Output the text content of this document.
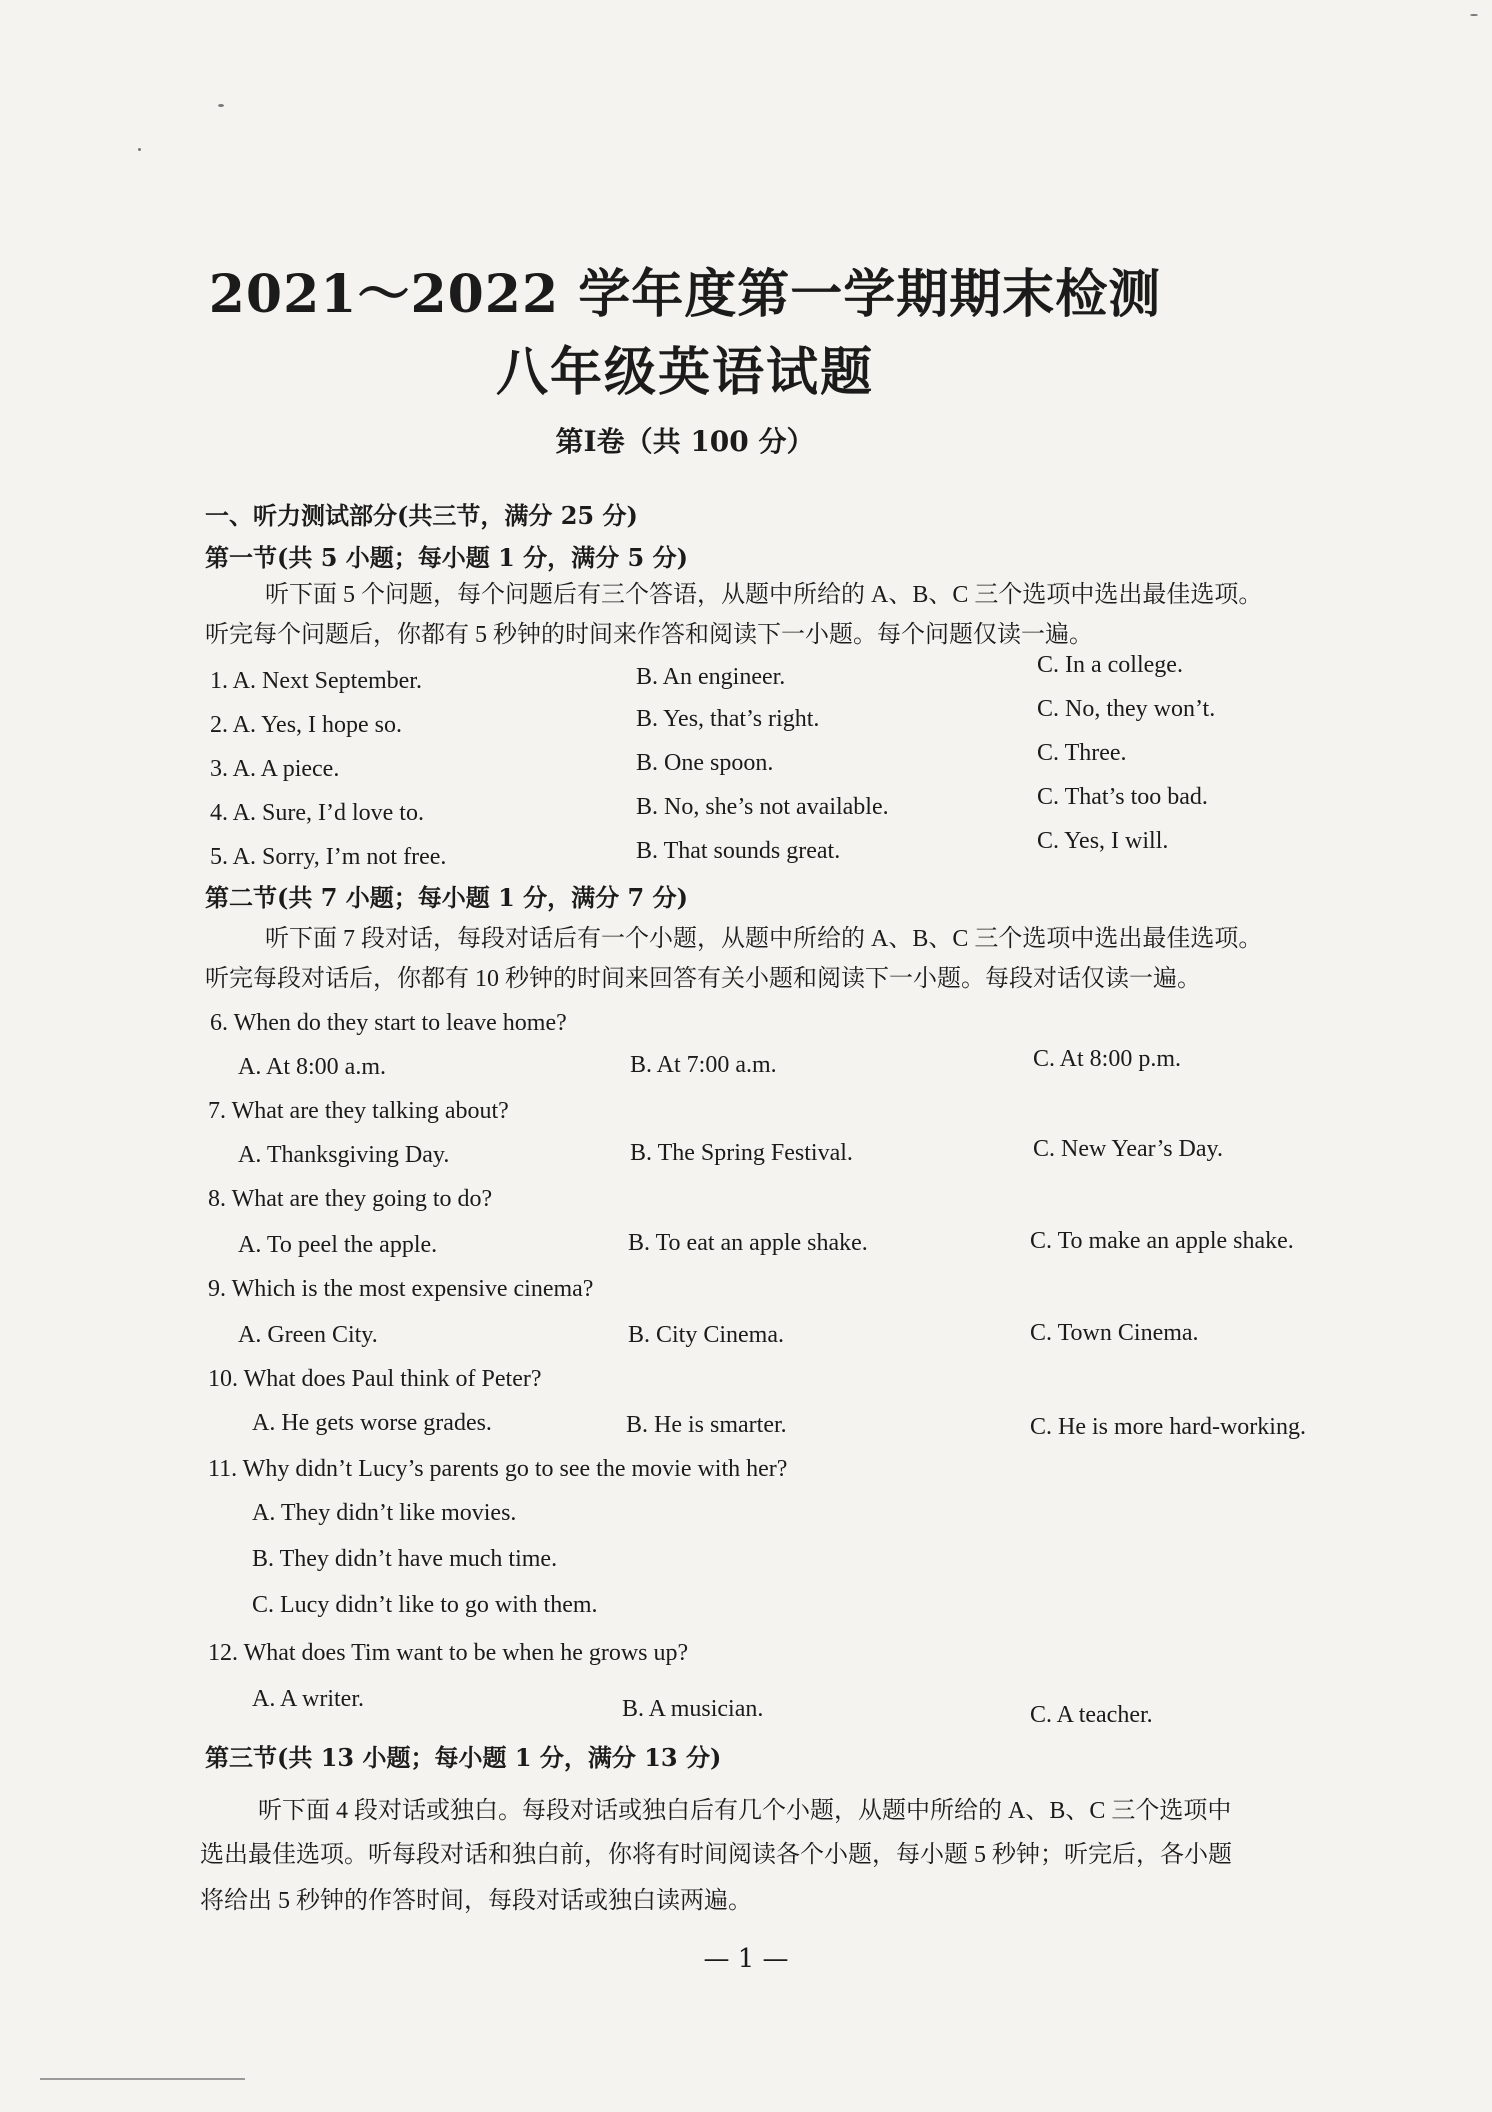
2021～2022 学年度第一学期期末检测
八年级英语试题
第Ⅰ卷（共 100 分）
一、听力测试部分(共三节，满分 25 分)
第一节(共 5 小题；每小题 1 分，满分 5 分)
听下面 5 个问题，每个问题后有三个答语，从题中所给的 A、B、C 三个选项中选出最佳选项。
听完每个问题后，你都有 5 秒钟的时间来作答和阅读下一小题。每个问题仅读一遍。
1. A. Next September.	B. An engineer.	C. In a college.
2. A. Yes, I hope so.	B. Yes, that’s right.	C. No, they won’t.
3. A. A piece.	B. One spoon.	C. Three.
4. A. Sure, I’d love to.	B. No, she’s not available.	C. That’s too bad.
5. A. Sorry, I’m not free.	B. That sounds great.	C. Yes, I will.
第二节(共 7 小题；每小题 1 分，满分 7 分)
听下面 7 段对话，每段对话后有一个小题，从题中所给的 A、B、C 三个选项中选出最佳选项。
听完每段对话后，你都有 10 秒钟的时间来回答有关小题和阅读下一小题。每段对话仅读一遍。
6. When do they start to leave home?
A. At 8:00 a.m.	B. At 7:00 a.m.	C. At 8:00 p.m.
7. What are they talking about?
A. Thanksgiving Day.	B. The Spring Festival.	C. New Year’s Day.
8. What are they going to do?
A. To peel the apple.	B. To eat an apple shake.	C. To make an apple shake.
9. Which is the most expensive cinema?
A. Green City.	B. City Cinema.	C. Town Cinema.
10. What does Paul think of Peter?
A. He gets worse grades.	B. He is smarter.	C. He is more hard-working.
11. Why didn’t Lucy’s parents go to see the movie with her?
A. They didn’t like movies.
B. They didn’t have much time.
C. Lucy didn’t like to go with them.
12. What does Tim want to be when he grows up?
A. A writer.	B. A musician.	C. A teacher.
第三节(共 13 小题；每小题 1 分，满分 13 分)
听下面 4 段对话或独白。每段对话或独白后有几个小题，从题中所给的 A、B、C 三个选项中
选出最佳选项。听每段对话和独白前，你将有时间阅读各个小题，每小题 5 秒钟；听完后，各小题
将给出 5 秒钟的作答时间，每段对话或独白读两遍。
— 1 —
